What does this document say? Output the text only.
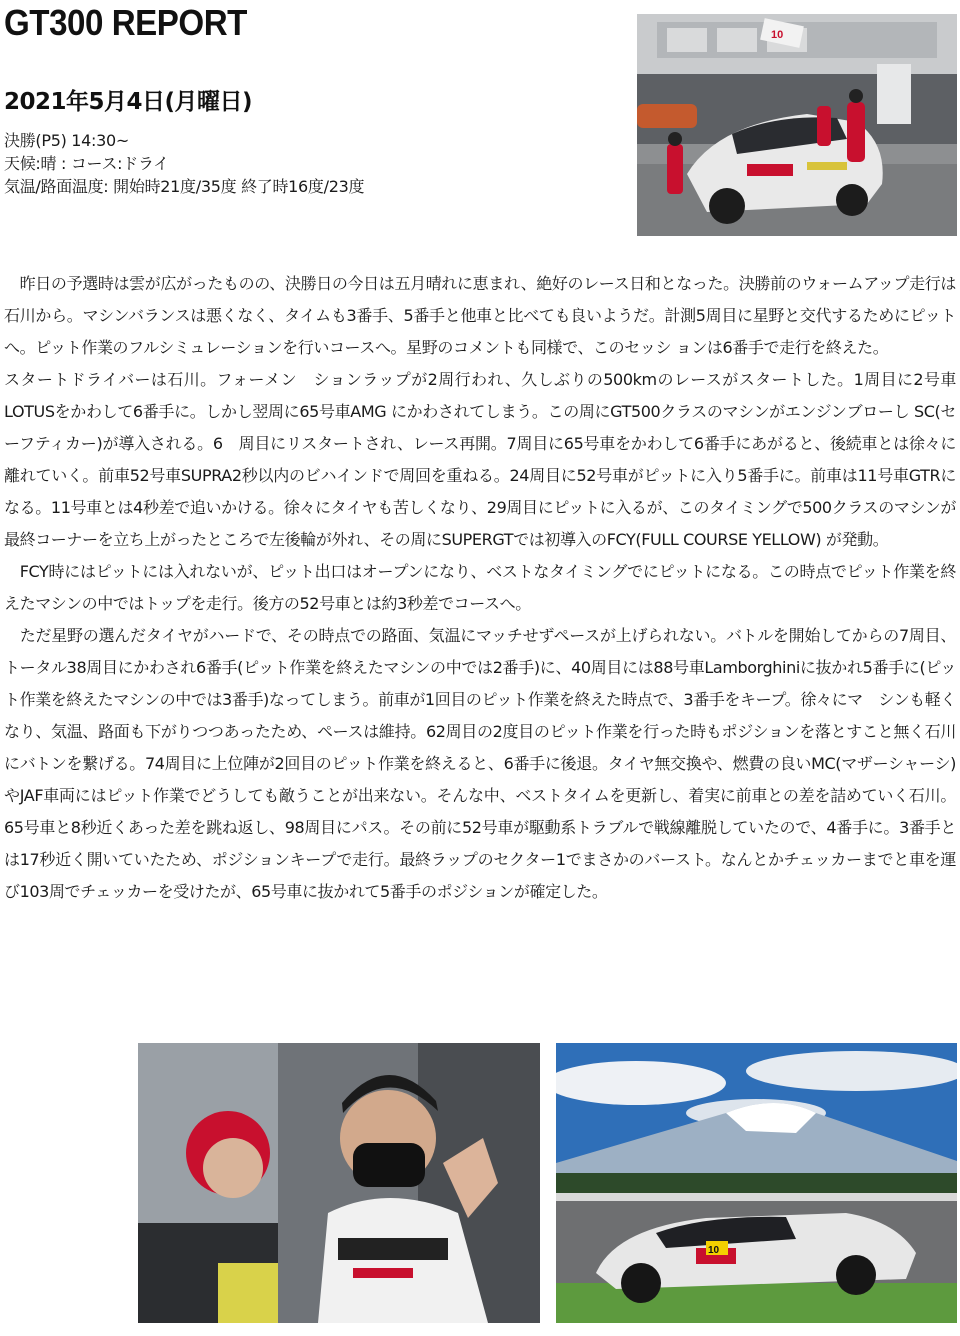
GT300 REPORT
2021年5月4日(月曜日)
決勝(P5) 14:30~
天候:晴 : コース:ドライ
気温/路面温度: 開始時21度/35度 終了時16度/23度
10

　昨日の予選時は雲が広がったものの、決勝日の今日は五月晴れに恵まれ、絶好のレース日和となった。決勝前のウォームアップ走行は石川から。マシンバランスは悪くなく、タイムも3番手、5番手と他車と比べても良いようだ。計測5周目に星野と交代するためにピットへ。ピット作業のフルシミュレーションを行いコースへ。星野のコメントも同様で、このセッシ ョンは6番手で走行を終えた。

スタートドライバーは石川。フォーメン　ションラップが2周行われ、久しぶりの500kmのレースがスタートした。1周目に2号車LOTUSをかわして6番手に。しかし翌周に65号車AMG にかわされてしまう。この周にGT500クラスのマシンがエンジンブローし SC(セーフティカー)が導入される。6　周目にリスタートされ、レース再開。7周目に65号車をかわして6番手にあがると、後続車とは徐々に離れていく。前車52号車SUPRA2秒以内のビハインドで周回を重ねる。24周目に52号車がピットに入り5番手に。前車は11号車GTRになる。11号車とは4秒差で追いかける。徐々にタイヤも苦しくなり、29周目にピットに入るが、このタイミングで500クラスのマシンが最終コーナーを立ち上がったところで左後輪が外れ、その周にSUPERGTでは初導入のFCY(FULL COURSE YELLOW) が発動。

　FCY時にはピットには入れないが、ピット出口はオープンになり、ベストなタイミングでにピットになる。この時点でピット作業を終えたマシンの中ではトップを走行。後方の52号車とは約3秒差でコースへ。

　ただ星野の選んだタイヤがハードで、その時点での路面、気温にマッチせずペースが上げられない。バトルを開始してからの7周目、トータル38周目にかわされ6番手(ピット作業を終えたマシンの中では2番手)に、40周目には88号車Lamborghiniに抜かれ5番手に(ピット作業を終えたマシンの中では3番手)なってしまう。前車が1回目のピット作業を終えた時点で、3番手をキープ。徐々にマ　シンも軽くなり、気温、路面も下がりつつあったため、ペースは維持。62周目の2度目のピット作業を行った時もポジションを落とすこと無く石川にバトンを繋げる。74周目に上位陣が2回目のピット作業を終えると、6番手に後退。タイヤ無交換や、燃費の良いMC(マザーシャーシ)やJAF車両にはピット作業でどうしても敵うことが出来ない。そんな中、ベストタイムを更新し、着実に前車との差を詰めていく石川。65号車と8秒近くあった差を跳ね返し、98周目にパス。その前に52号車が駆動系トラブルで戦線離脱していたので、4番手に。3番手とは17秒近く開いていたため、ポジションキープで走行。最終ラップのセクター1でまさかのバースト。なんとかチェッカーまでと車を運び103周でチェッカーを受けたが、65号車に抜かれて5番手のポジションが確定した。

10
